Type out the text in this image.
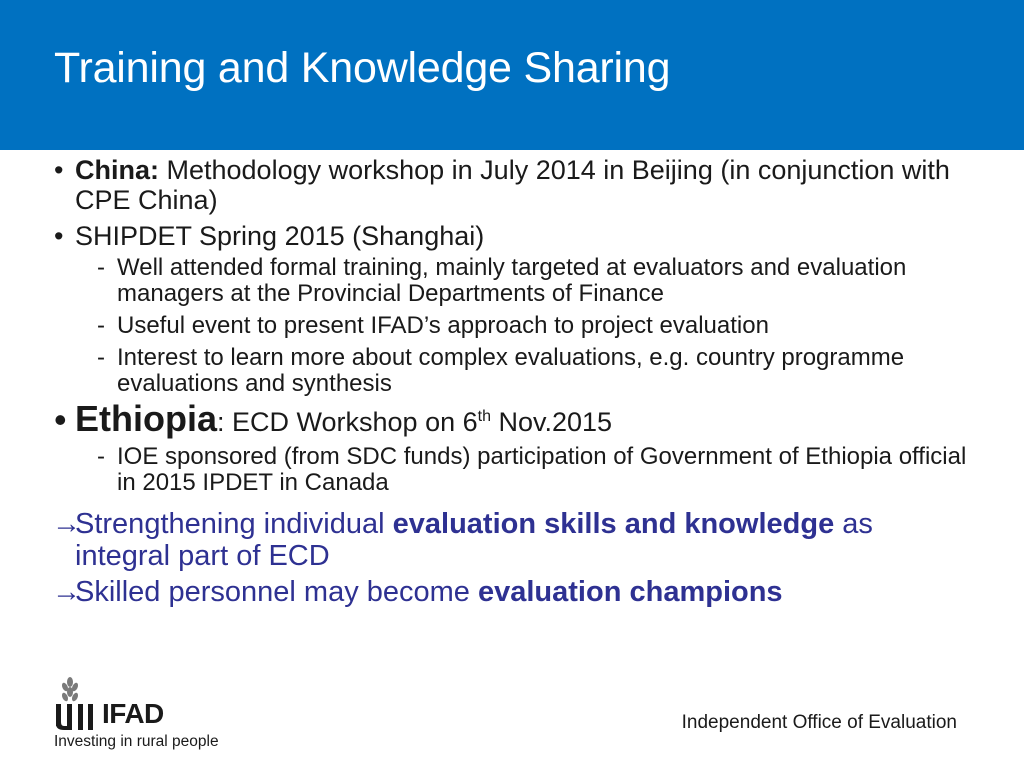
Training and Knowledge Sharing
• China: Methodology workshop in July 2014 in Beijing (in conjunction with CPE China)
• SHIPDET Spring 2015 (Shanghai)
- Well attended formal training, mainly targeted at evaluators and evaluation managers at the Provincial Departments of Finance
- Useful event to present IFAD’s approach to project evaluation
- Interest to learn more about complex evaluations, e.g. country programme evaluations and synthesis
• Ethiopia: ECD Workshop on 6th Nov.2015
- IOE sponsored (from SDC funds) participation of Government of Ethiopia official in 2015 IPDET in Canada
→
Strengthening individual evaluation skills and knowledge as integral part of ECD
→
Skilled personnel may become evaluation champions
IFAD
Investing in rural people
Independent Office of Evaluation
